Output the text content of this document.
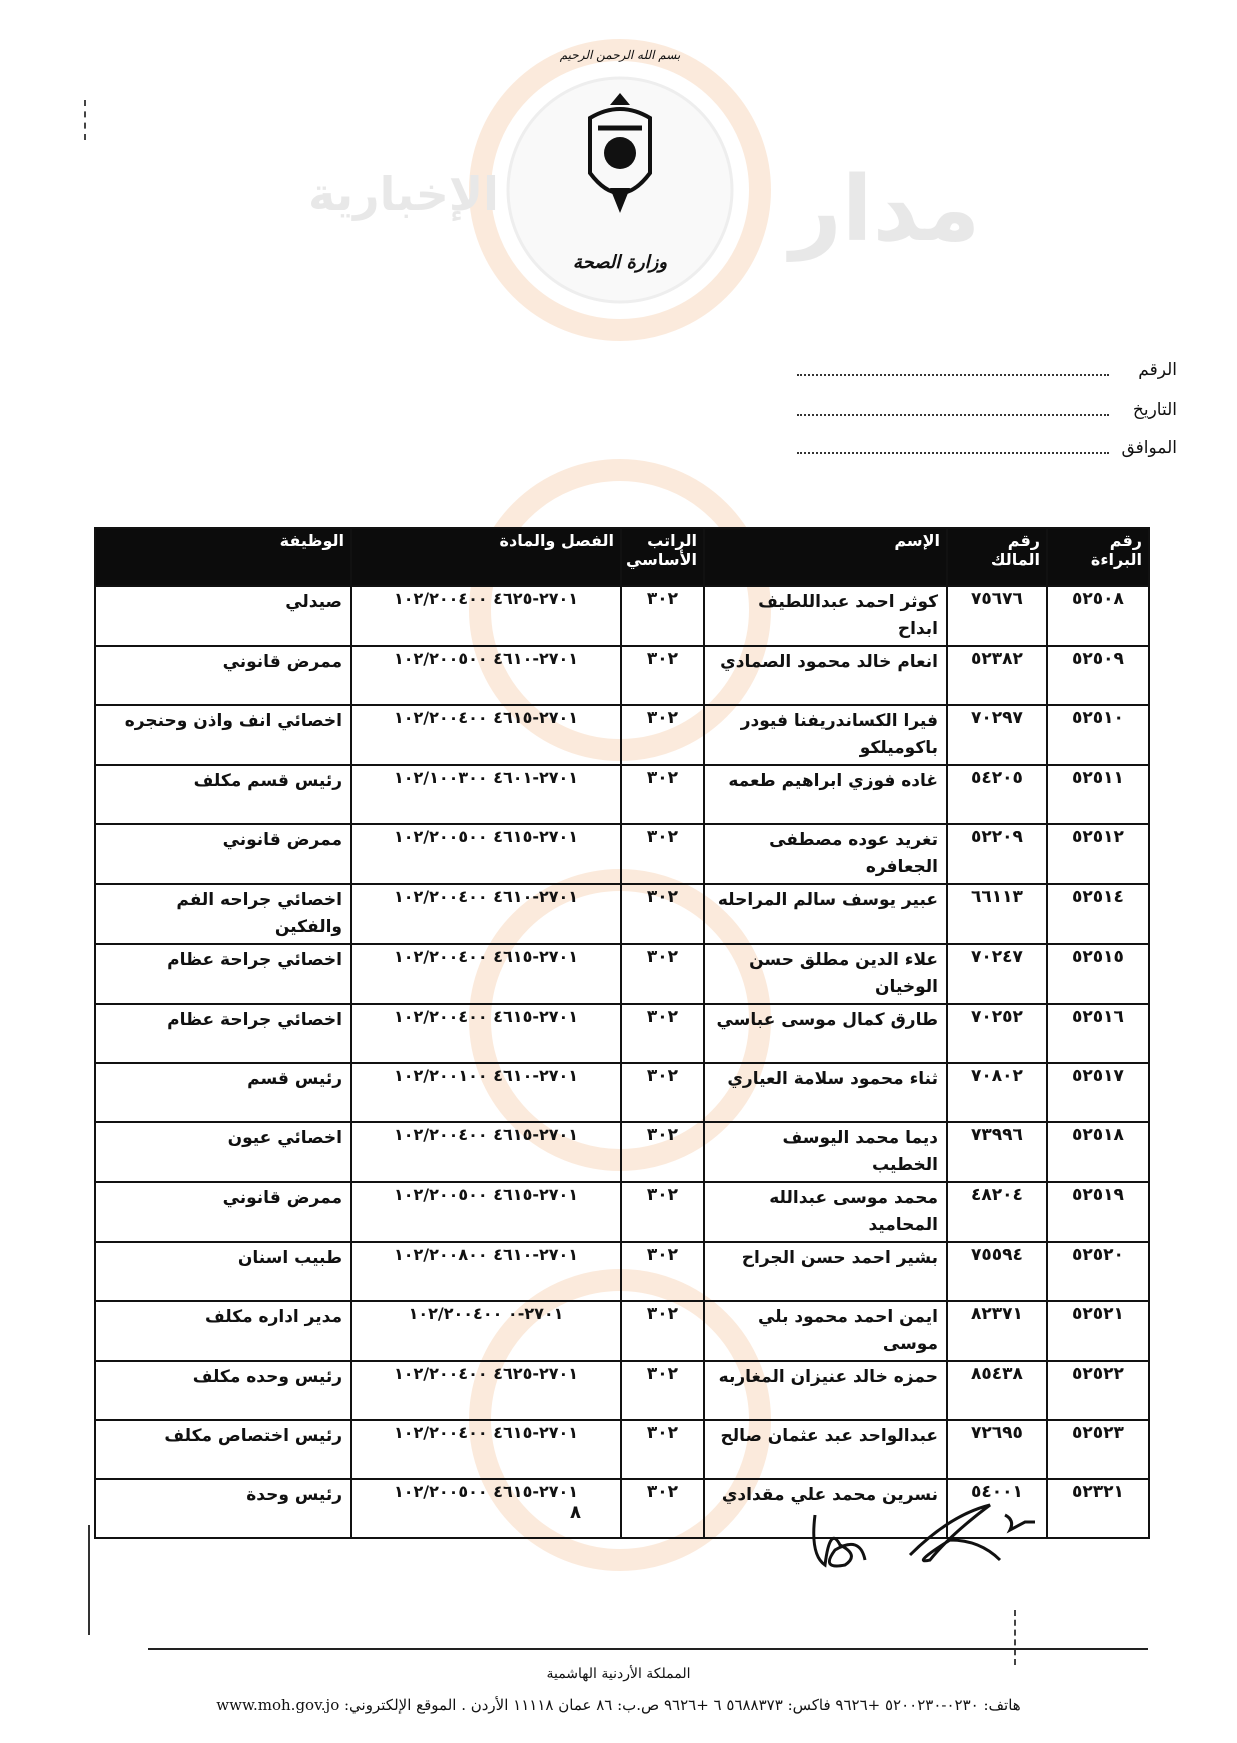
الإخبارية	مدار
بسم الله الرحمن الرحيم
وزارة الصحة
الرقم
التاريخ
الموافق
رقم البراءة	رقم المالك	الإسم	الراتب الأساسي	الفصل والمادة	الوظيفة
٥٢٥٠٨	٧٥٦٧٦	كوثر احمد عبداللطيف ابداح	٣٠٢	٢٧٠١-٤٦٢٥ ١٠٢/٢٠٠٤٠٠	صيدلي
٥٢٥٠٩	٥٢٣٨٢	انعام خالد محمود الصمادي	٣٠٢	٢٧٠١-٤٦١٠ ١٠٢/٢٠٠٥٠٠	ممرض قانوني
٥٢٥١٠	٧٠٢٩٧	فيرا الكساندريفنا فيودر باكوميلكو	٣٠٢	٢٧٠١-٤٦١٥ ١٠٢/٢٠٠٤٠٠	اخصائي انف واذن وحنجره
٥٢٥١١	٥٤٢٠٥	غاده فوزي ابراهيم طعمه	٣٠٢	٢٧٠١-٤٦٠١ ١٠٢/١٠٠٣٠٠	رئيس قسم مكلف
٥٢٥١٢	٥٢٢٠٩	تغريد عوده مصطفى الجعافره	٣٠٢	٢٧٠١-٤٦١٥ ١٠٢/٢٠٠٥٠٠	ممرض قانوني
٥٢٥١٤	٦٦١١٣	عبير يوسف سالم المراحله	٣٠٢	٢٧٠١-٤٦١٠ ١٠٢/٢٠٠٤٠٠	اخصائي جراحه الفم والفكين
٥٢٥١٥	٧٠٢٤٧	علاء الدين مطلق حسن الوخيان	٣٠٢	٢٧٠١-٤٦١٥ ١٠٢/٢٠٠٤٠٠	اخصائي جراحة عظام
٥٢٥١٦	٧٠٢٥٢	طارق كمال موسى عباسي	٣٠٢	٢٧٠١-٤٦١٥ ١٠٢/٢٠٠٤٠٠	اخصائي جراحة عظام
٥٢٥١٧	٧٠٨٠٢	ثناء محمود سلامة العياري	٣٠٢	٢٧٠١-٤٦١٠ ١٠٢/٢٠٠١٠٠	رئيس قسم
٥٢٥١٨	٧٣٩٩٦	ديما محمد اليوسف الخطيب	٣٠٢	٢٧٠١-٤٦١٥ ١٠٢/٢٠٠٤٠٠	اخصائي عيون
٥٢٥١٩	٤٨٢٠٤	محمد موسى عبدالله المحاميد	٣٠٢	٢٧٠١-٤٦١٥ ١٠٢/٢٠٠٥٠٠	ممرض قانوني
٥٢٥٢٠	٧٥٥٩٤	بشير احمد حسن الجراح	٣٠٢	٢٧٠١-٤٦١٠ ١٠٢/٢٠٠٨٠٠	طبيب اسنان
٥٢٥٢١	٨٢٣٧١	ايمن احمد محمود بلي موسى	٣٠٢	٢٧٠١-٠ ١٠٢/٢٠٠٤٠٠	مدير اداره مكلف
٥٢٥٢٢	٨٥٤٣٨	حمزه خالد عنيزان المغاربه	٣٠٢	٢٧٠١-٤٦٢٥ ١٠٢/٢٠٠٤٠٠	رئيس وحده مكلف
٥٢٥٢٣	٧٢٦٩٥	عبدالواحد عبد عثمان صالح	٣٠٢	٢٧٠١-٤٦١٥ ١٠٢/٢٠٠٤٠٠	رئيس اختصاص مكلف
٥٢٣٢١	٥٤٠٠١	نسرين محمد علي مقدادي	٣٠٢	٢٧٠١-٤٦١٥ ١٠٢/٢٠٠٥٠٠	رئيس وحدة
٨
المملكة الأردنية الهاشمية
هاتف: ٠٢٣٠-٥٢٠٠٢٣٠ +٩٦٢٦ فاكس: ٥٦٨٨٣٧٣ ٦ +٩٦٢٦ ص.ب: ٨٦ عمان ١١١١٨ الأردن . الموقع الإلكتروني: www.moh.gov.jo
